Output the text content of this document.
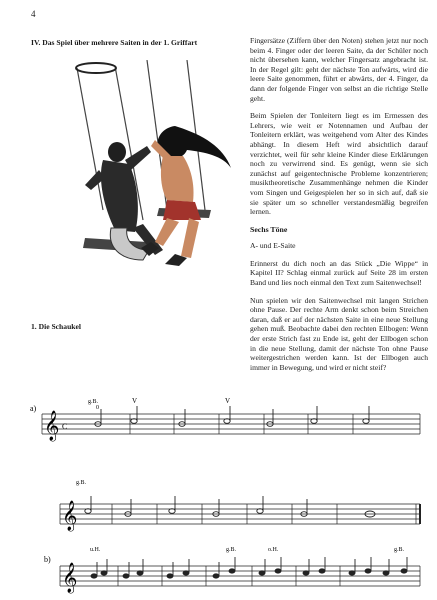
4
IV. Das Spiel über mehrere Saiten in der 1. Griffart
1. Die Schaukel

Fingersätze (Ziffern über den Noten) stehen jetzt nur noch beim 4. Finger oder der leeren Saite, da der Schüler noch nicht übersehen kann, welcher Fingersatz angebracht ist. In der Regel gilt: geht der nächste Ton aufwärts, wird die leere Saite genommen, führt er abwärts, der 4. Finger, da dann der folgende Finger von selbst an die richtige Stelle geht.

Beim Spielen der Tonleitern liegt es im Ermessen des Lehrers, wie weit er Notennamen und Aufbau der Tonleitern erklärt, was weitgehend vom Alter des Kindes abhängt. In diesem Heft wird absichtlich darauf verzichtet, weil für sehr kleine Kinder diese Erklärungen noch zu verwirrend sind. Es genügt, wenn sie sich zunächst auf geigentechnische Probleme konzentrieren; musiktheoretische Zusammenhänge nehmen die Kinder vom Singen und Geigespielen her so in sich auf, daß sie sie später um so schneller verstandesmäßig begreifen lernen.

Sechs Töne
A- und E-Saite

Erinnerst du dich noch an das Stück „Die Wippe“ in Kapitel II? Schlag einmal zurück auf Seite 28 im ersten Band und lies noch einmal den Text zum Saitenwechsel!

Nun spielen wir den Saitenwechsel mit langen Strichen ohne Pause. Der rechte Arm denkt schon beim Streichen daran, daß er auf der nächsten Saite in eine neue Stellung gehen muß. Beobachte dabei den rechten Ellbogen: Wenn der erste Strich fast zu Ende ist, geht der Ellbogen schon in die neue Stellung, damit der nächste Ton ohne Pause weitergestrichen werden kann. Ist der Ellbogen auch immer in Bewegung, und wird er nicht steif?

a)
𝄞 C
g.B.
0
V	V
𝄞
g.B.
b)
𝄞
u.H.	o.H.
g.B.	g.B.
